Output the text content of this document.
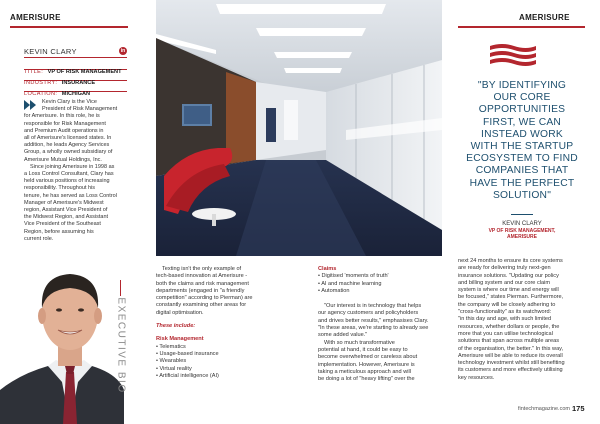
AMERISURE	AMERISURE
KEVIN CLARY	in
TITLE: VP OF RISK MANAGEMENT
INDUSTRY: INSURANCE
LOCATION: MICHIGAN
Kevin Clary is the Vice
President of Risk Management
for Amerisure. In this role, he is
responsible for Risk Management
and Premium Audit operations in
all of Amerisure's licensed states. In
addition, he leads Agency Services
Group, a wholly owned subsidiary of
Amerisure Mutual Holdings, Inc.
Since joining Amerisure in 1998 as
a Loss Control Consultant, Clary has
held various positions of increasing
responsibility. Throughout his
tenure, he has served as Loss Control
Manager of Amerisure's Midwest
region, Assistant Vice President of
the Midwest Region, and Assistant
Vice President of the Southeast
Region, before assuming his
current role.
EXECUTIVE BIO
"BY IDENTIFYING
OUR CORE
OPPORTUNITIES
FIRST, WE CAN
INSTEAD WORK
WITH THE STARTUP
ECOSYSTEM TO FIND
COMPANIES THAT
HAVE THE PERFECT
SOLUTION"
KEVIN CLARY
VP OF RISK MANAGEMENT,
AMERISURE
Texting isn't the only example of
tech-based innovation at Amerisure -
both the claims and risk management
departments (engaged in "a friendly
competition" according to Pierman) are
constantly examining other areas for
digital optimisation.
These include:
Risk Management
• Telematics
• Usage-based insurance
• Wearables
• Virtual reality
• Artificial intelligence (AI)
Claims
• Digitised 'moments of truth'
• AI and machine learning
• Automation
"Our interest is in technology that helps
our agency customers and policyholders
and drives better results," emphasises Clary.
"In these areas, we're starting to already see
some added value."
With so much transformative
potential at hand, it could be easy to
become overwhelmed or careless about
implementation. However, Amerisure is
taking a meticulous approach and will
be doing a lot of "heavy lifting" over the
next 24 months to ensure its core systems
are ready for delivering truly next-gen
insurance solutions. "Updating our policy
and billing system and our core claim
system is where our time and energy will
be focused," states Pierman. Furthermore,
the company will be closely adhering to
"cross-functionality" as its watchword:
"in this day and age, with such limited
resources, whether dollars or people, the
more that you can utilise technological
solutions that span across multiple areas
of the organisation, the better." In this way,
Amerisure will be able to reduce its overall
technology investment whilst still benefiting
its customers and more effectively utilising
key resources.
fintechmagazine.com 175
